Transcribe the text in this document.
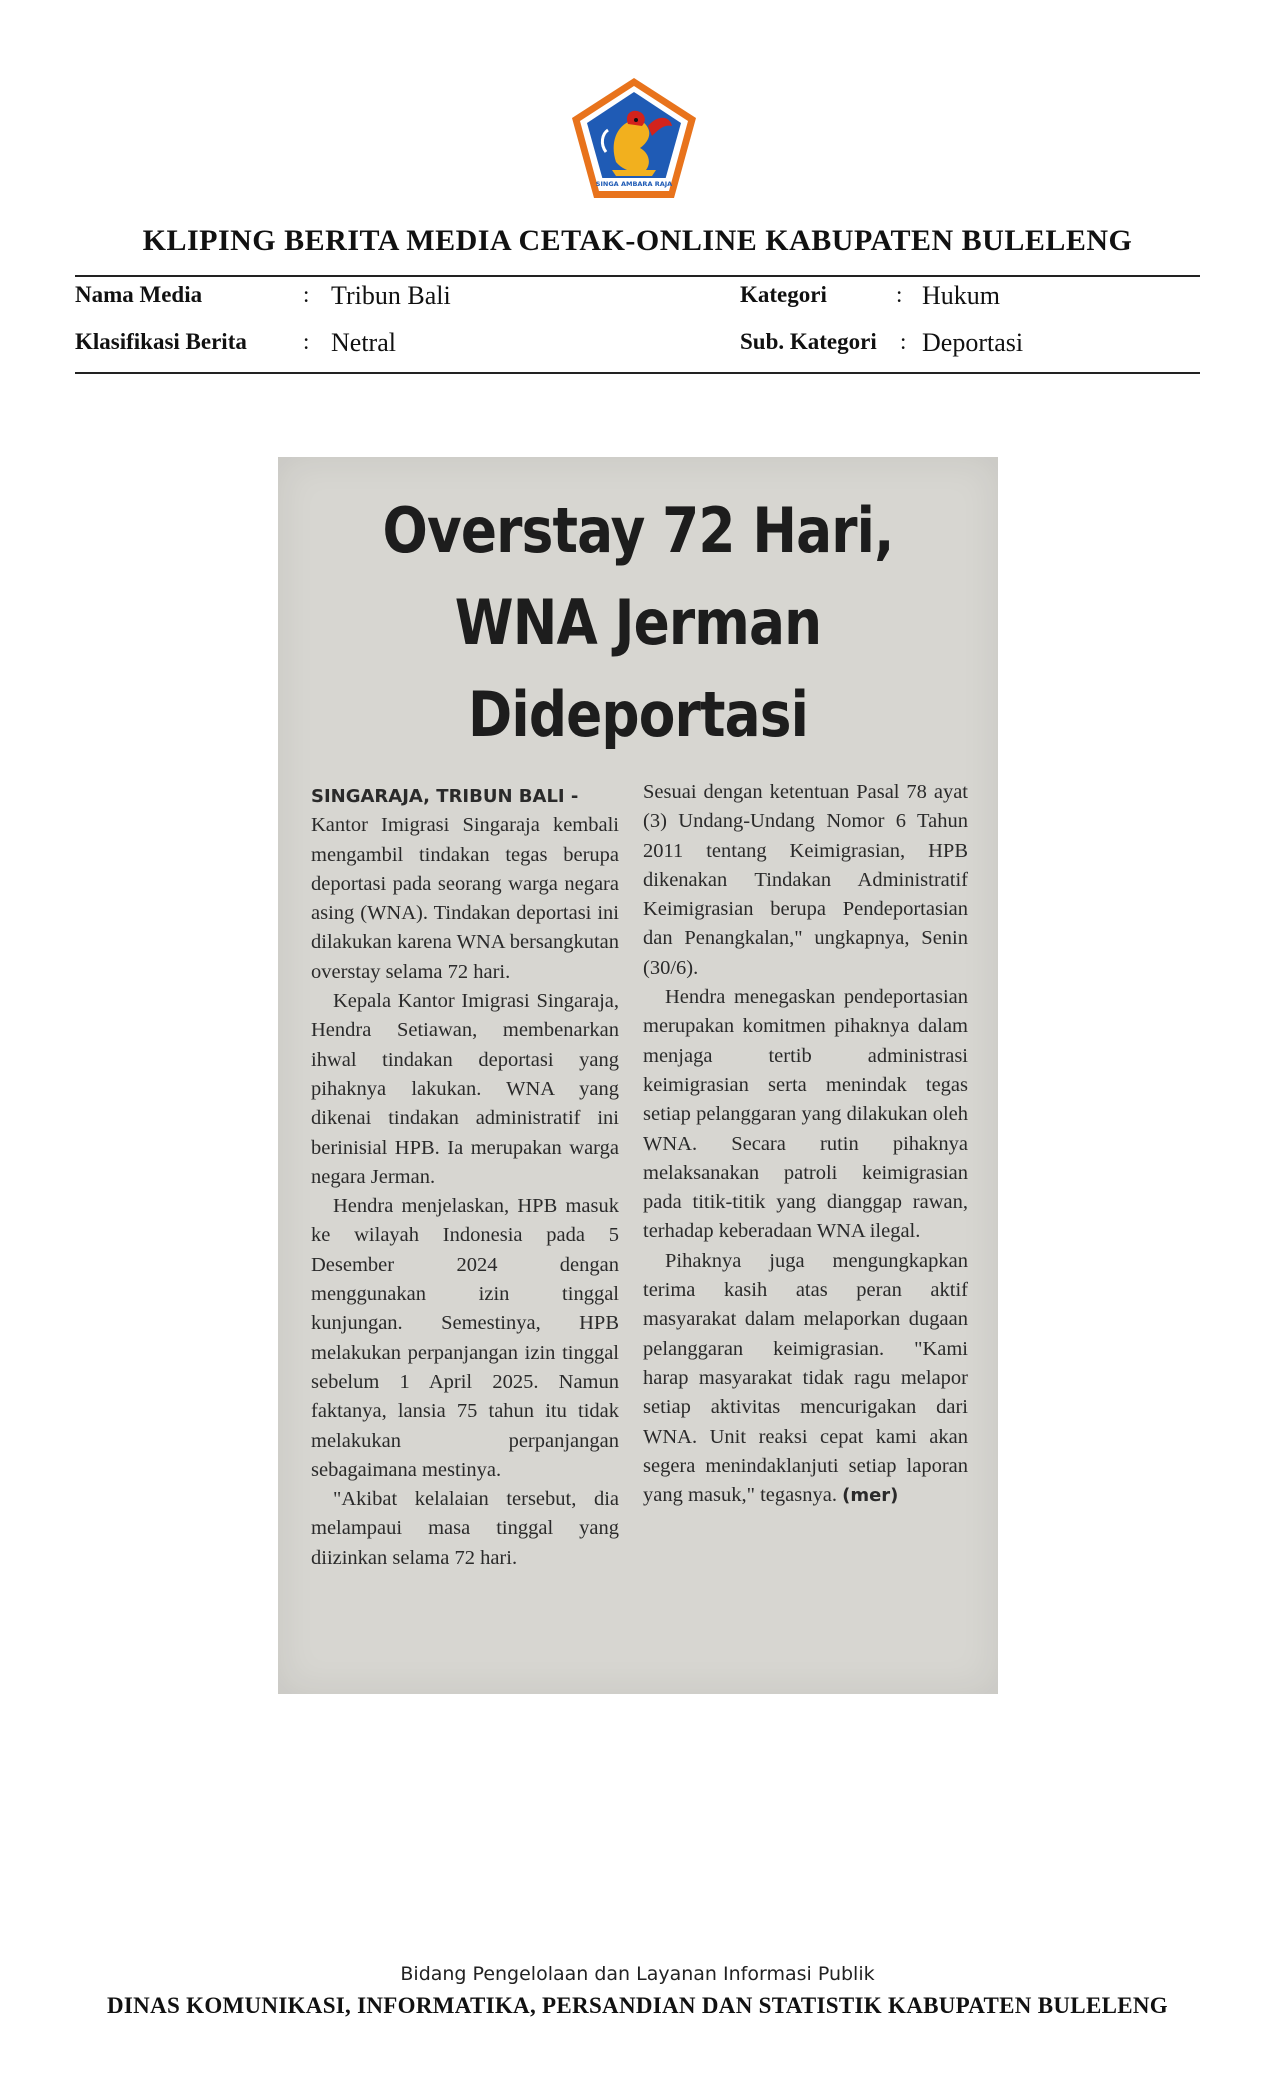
SINGA AMBARA RAJA
KLIPING BERITA MEDIA CETAK-ONLINE KABUPATEN BULELENG
Nama Media	: Tribun Bali
Klasifikasi Berita : Netral
Kategori	: Hukum
Sub. Kategori : Deportasi
Overstay 72 Hari,
WNA Jerman
Dideportasi
SINGARAJA, TRIBUN BALI -

Kantor Imigrasi Singaraja kembali mengambil tindakan tegas berupa deportasi pada seorang warga negara asing (WNA). Tindakan deportasi ini dilakukan karena WNA bersangkutan overstay selama 72 hari.

Kepala Kantor Imigrasi Singaraja, Hendra Setiawan, membenarkan ihwal tindakan deportasi yang pihaknya lakukan. WNA yang dikenai tindakan administratif ini berinisial HPB. Ia merupakan warga negara Jerman.

Hendra menjelaskan, HPB masuk ke wilayah Indonesia pada 5 Desember 2024 dengan menggunakan izin tinggal kunjungan. Semestinya, HPB melakukan perpanjangan izin tinggal sebelum 1 April 2025. Namun faktanya, lansia 75 tahun itu tidak melakukan perpanjangan sebagaimana mestinya.

"Akibat kelalaian tersebut, dia melampaui masa tinggal yang diizinkan selama 72 hari.

Sesuai dengan ketentuan Pasal 78 ayat (3) Undang-Undang Nomor 6 Tahun 2011 tentang Keimigrasian, HPB dikenakan Tindakan Administratif Keimigrasian berupa Pendeportasian dan Penangkalan," ungkapnya, Senin (30/6).

Hendra menegaskan pendeportasian merupakan komitmen pihaknya dalam menjaga tertib administrasi keimigrasian serta menindak tegas setiap pelanggaran yang dilakukan oleh WNA. Secara rutin pihaknya melaksanakan patroli keimigrasian pada titik-titik yang dianggap rawan, terhadap keberadaan WNA ilegal.

Pihaknya juga mengungkapkan terima kasih atas peran aktif masyarakat dalam melaporkan dugaan pelanggaran keimigrasian. "Kami harap masyarakat tidak ragu melapor setiap aktivitas mencurigakan dari WNA. Unit reaksi cepat kami akan segera menindaklanjuti setiap laporan yang masuk," tegasnya. (mer)

Bidang Pengelolaan dan Layanan Informasi Publik
DINAS KOMUNIKASI, INFORMATIKA, PERSANDIAN DAN STATISTIK KABUPATEN BULELENG
